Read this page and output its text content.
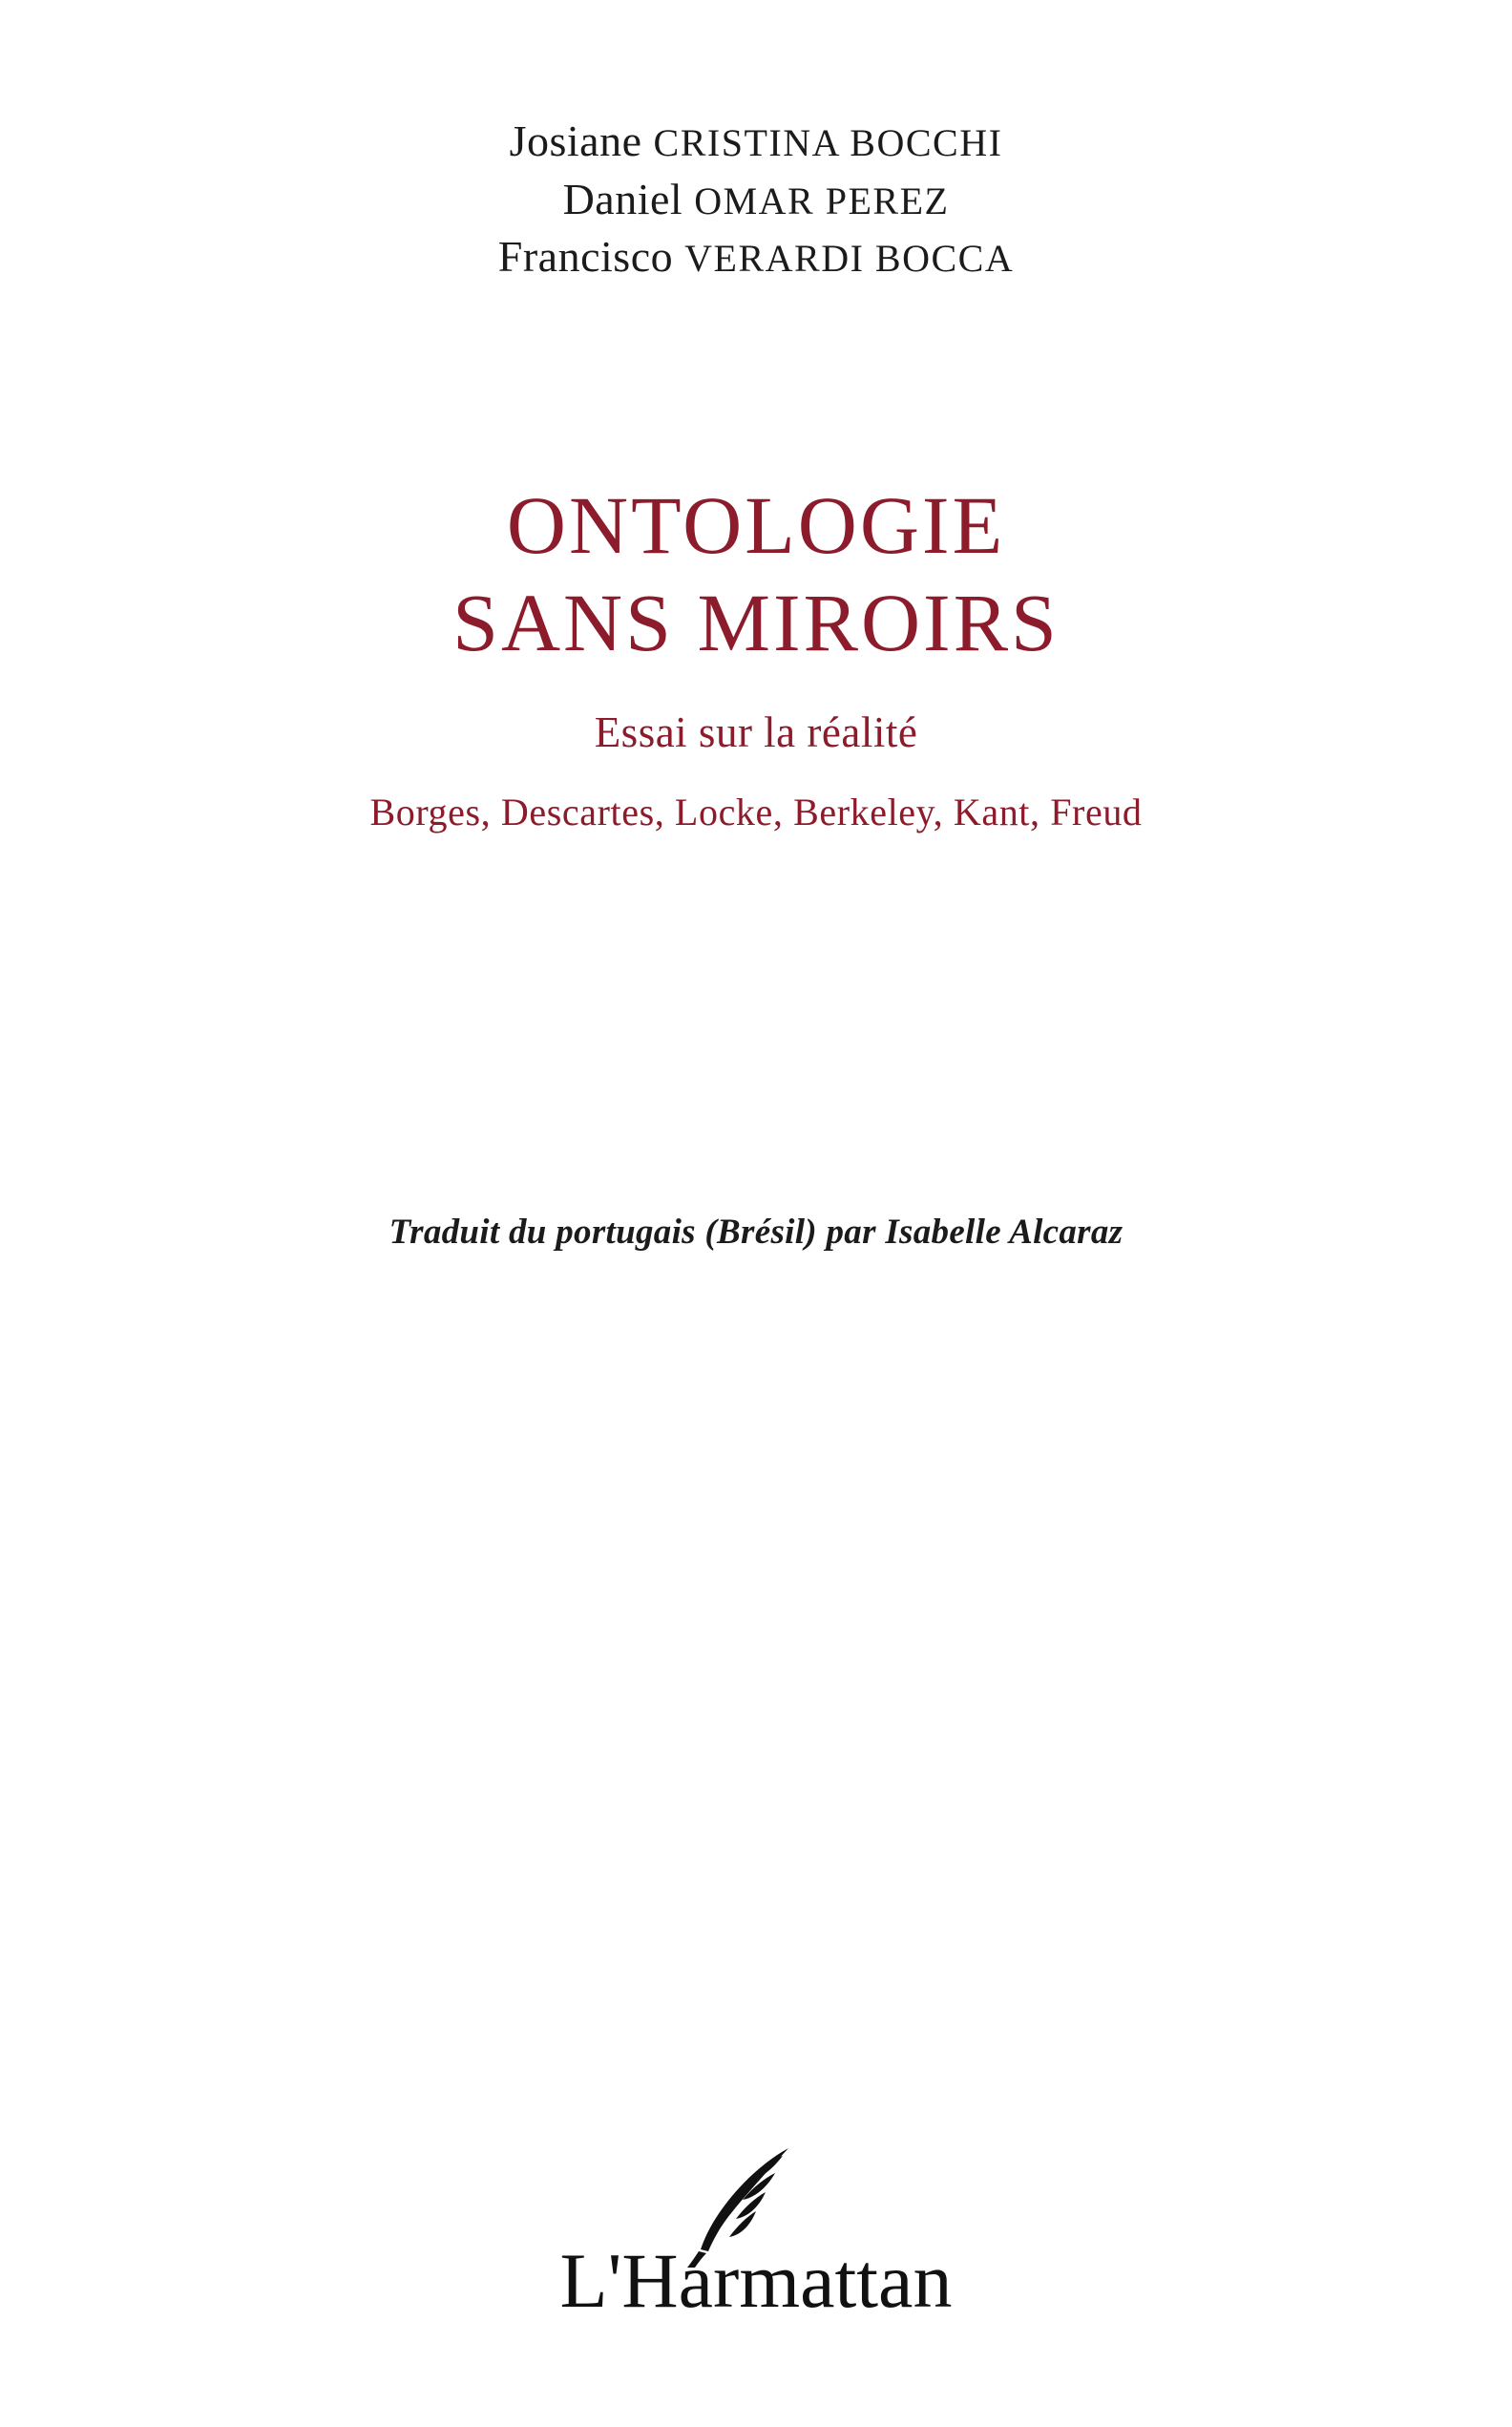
Josiane CRISTINA BOCCHI
Daniel OMAR PEREZ
Francisco VERARDI BOCCA
ONTOLOGIE
SANS MIROIRS
Essai sur la réalité
Borges, Descartes, Locke, Berkeley, Kant, Freud
Traduit du portugais (Brésil) par Isabelle Alcaraz
L'Harmattan
